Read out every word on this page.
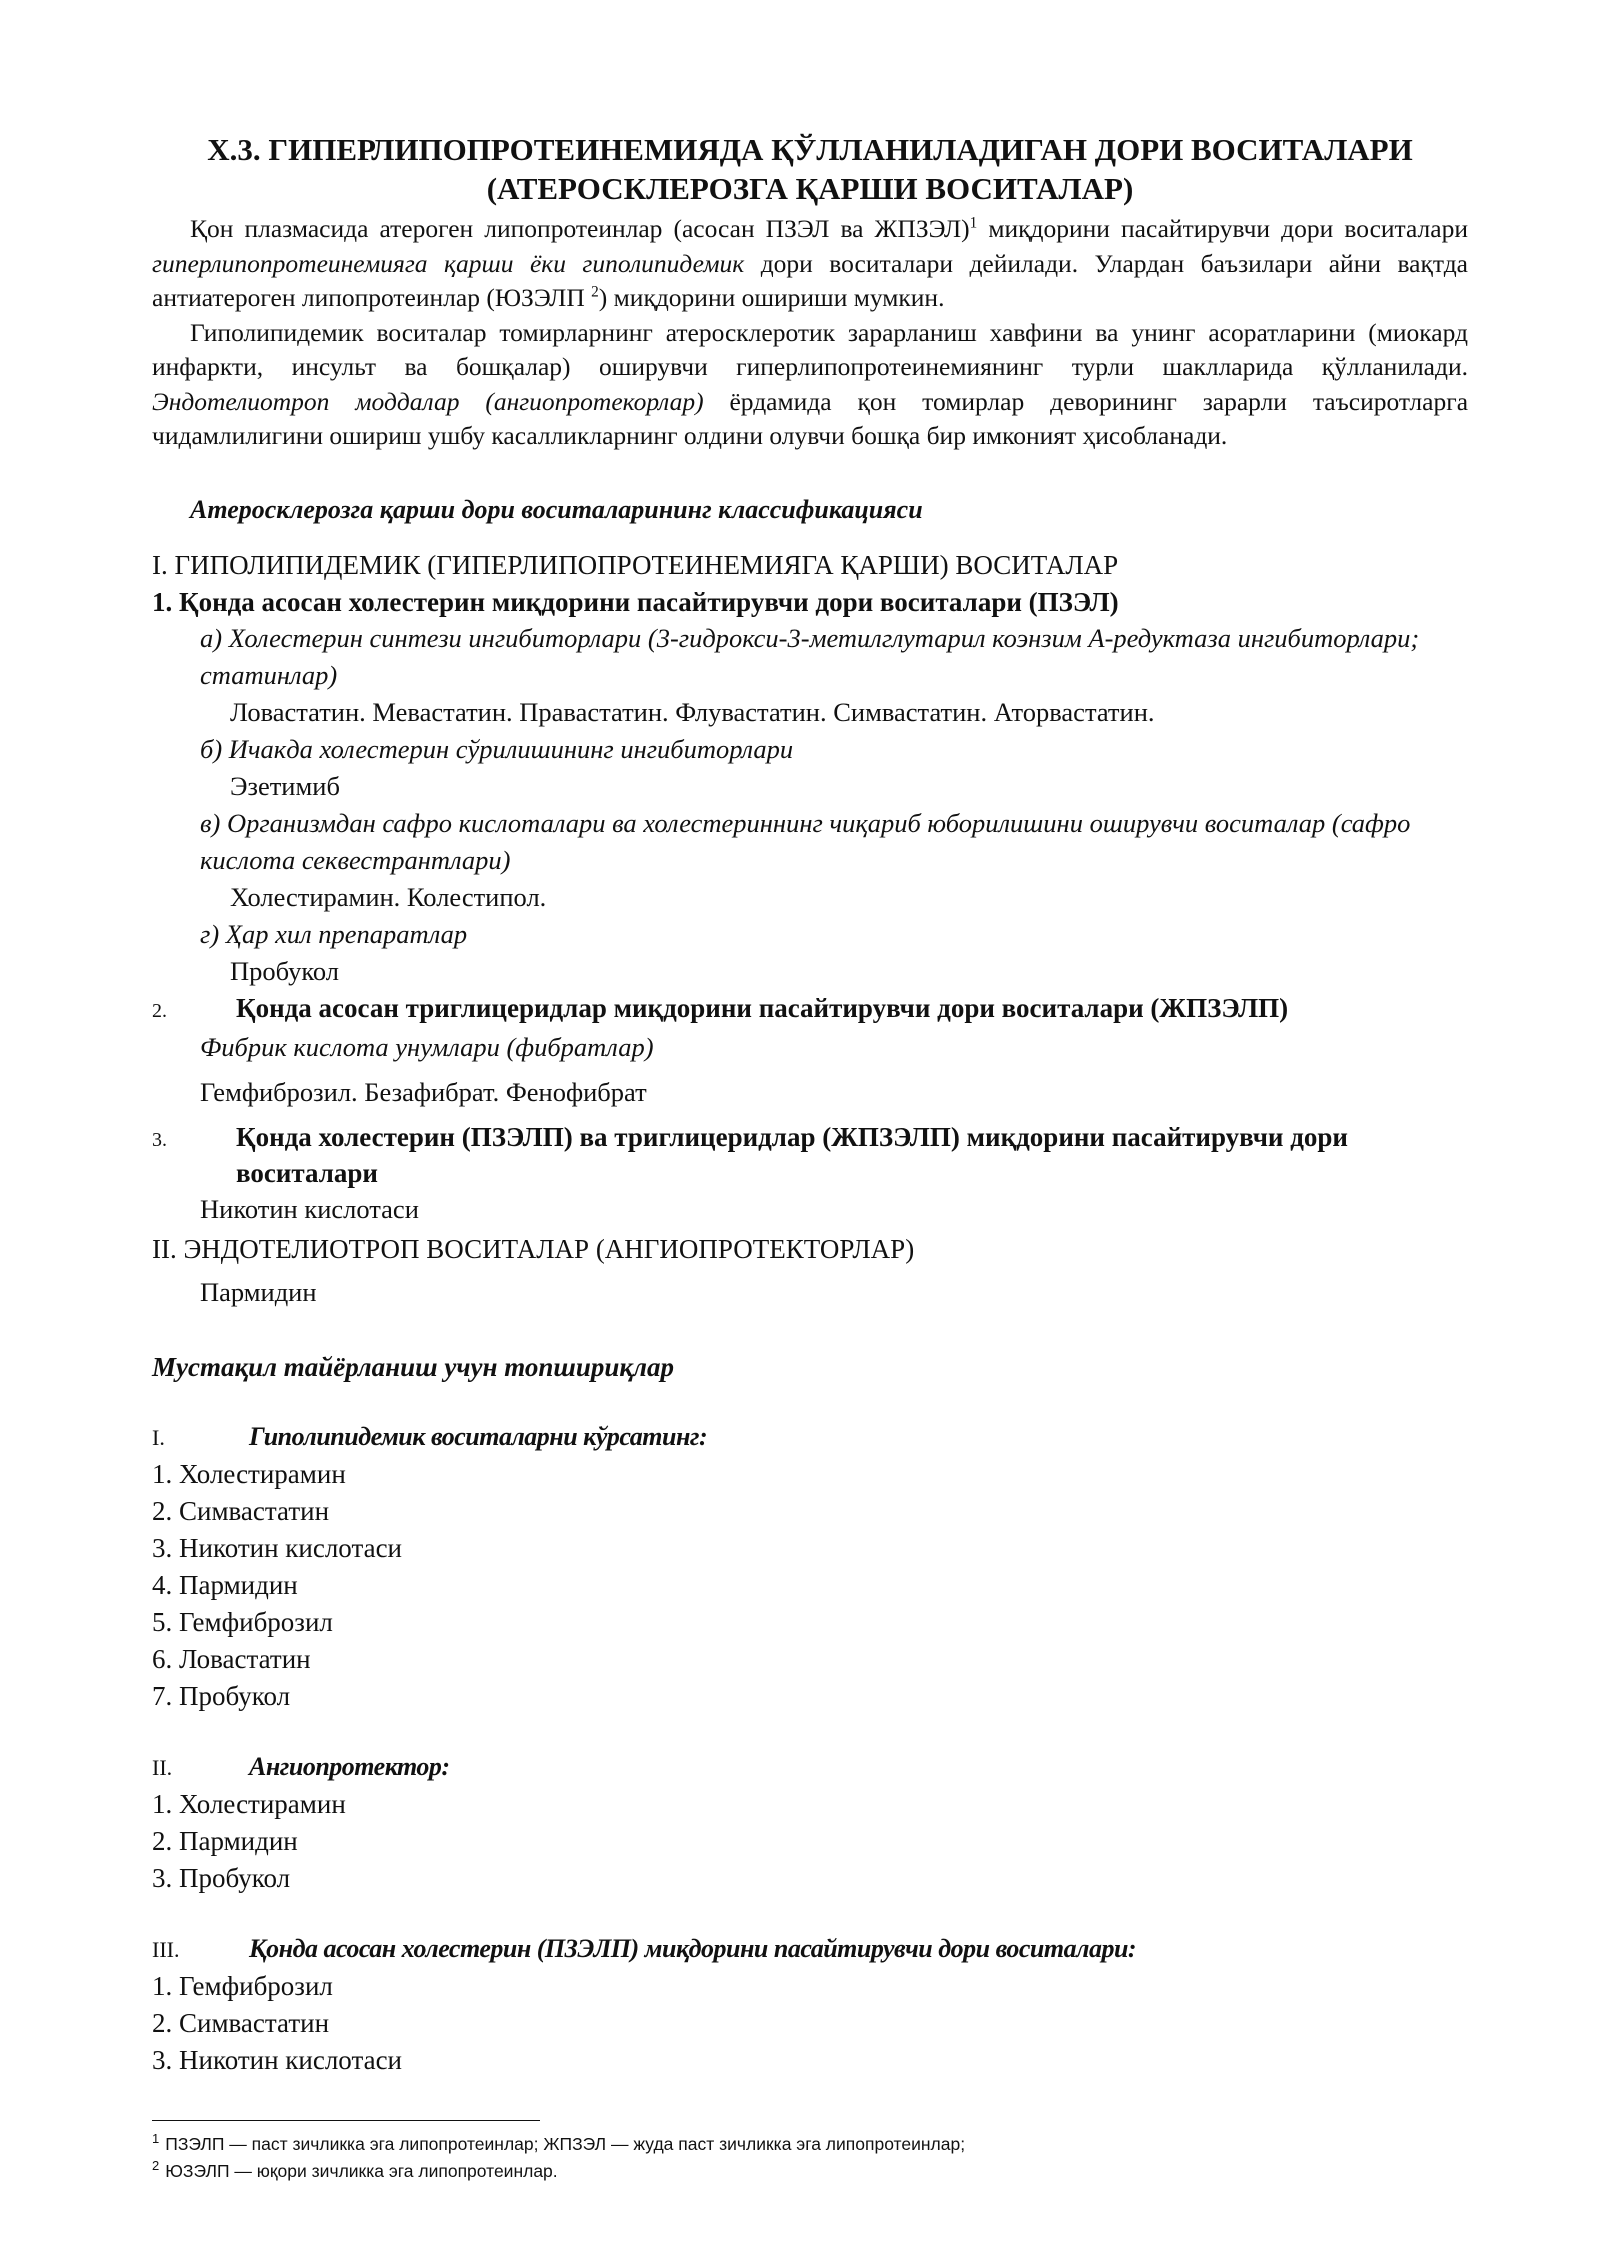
X.3. ГИПЕРЛИПОПРОТЕИНЕМИЯДА ҚЎЛЛАНИЛАДИГАН ДОРИ ВОСИТАЛАРИ
(АТЕРОСКЛЕРОЗГА ҚАРШИ ВОСИТАЛАР)

Қон плазмасида атероген липопротеинлар (асосан ПЗЭЛ ва ЖПЗЭЛ)$^1$ миқдорини пасайтирувчи дори воситалари гиперлипопротеинемияга қарши ёки гиполипидемик дори воситалари дейилади. Улардан баъзилари айни вақтда антиатероген липопротеинлар (ЮЗЭЛП $^2$) миқдорини ошириши мумкин.

Гиполипидемик воситалар томирларнинг атеросклеротик зарарланиш хавфини ва унинг асоратларини (миокард инфаркти, инсульт ва бошқалар) оширувчи гиперлипопротеинемиянинг турли шаклларида қўлланилади. Эндотелиотроп моддалар (ангиопротекорлар) ёрдамида қон томирлар деворининг зарарли таъсиротларга чидамлилигини ошириш ушбу касалликларнинг олдини олувчи бошқа бир имконият ҳисобланади.

Атеросклерозга қарши дори воситаларининг классификацияси
I. ГИПОЛИПИДЕМИК (ГИПЕРЛИПОПРОТЕИНЕМИЯГА ҚАРШИ) ВОСИТАЛАР
1. Қонда асосан холестерин миқдорини пасайтирувчи дори воситалари (ПЗЭЛ)
а) Холестерин синтези ингибиторлари (3-гидрокси-3-метилглутарил коэнзим А-редуктаза ингибиторлари; статинлар)
Ловастатин. Мевастатин. Правастатин. Флувастатин. Симвастатин. Аторвастатин.
б) Ичакда холестерин сўрилишининг ингибиторлари
Эзетимиб
в) Организмдан сафро кислоталари ва холестериннинг чиқариб юборилишини оширувчи воситалар (сафро кислота секвестрантлари)
Холестирамин. Колестипол.
г) Ҳар хил препаратлар
Пробукол
2.	Қонда асосан триглицеридлар миқдорини пасайтирувчи дори воситалари (ЖПЗЭЛП)
Фибрик кислота унумлари (фибратлар)
Гемфиброзил. Безафибрат. Фенофибрат
3.	Қонда холестерин (ПЗЭЛП) ва триглицеридлар (ЖПЗЭЛП) миқдорини пасайтирувчи дори воситалари
Никотин кислотаси
II. ЭНДОТЕЛИОТРОП ВОСИТАЛАР (АНГИОПРОТЕКТОРЛАР)
Пармидин
Мустақил тайёрланиш учун топшириқлар
I.	Гиполипидемик воситаларни кўрсатинг:
1. Холестирамин
2. Симвастатин
3. Никотин кислотаси
4. Пармидин
5. Гемфиброзил
6. Ловастатин
7. Пробукол
II.	Ангиопротектор:
1. Холестирамин
2. Пармидин
3. Пробукол
III.	Қонда асосан холестерин (ПЗЭЛП) миқдорини пасайтирувчи дори воситалари:
1. Гемфиброзил
2. Симвастатин
3. Никотин кислотаси
$^1$ ПЗЭЛП — паст зичликка эга липопротеинлар; ЖПЗЭЛ — жуда паст зичликка эга липопротеинлар;
$^2$ ЮЗЭЛП — юқори зичликка эга липопротеинлар.
